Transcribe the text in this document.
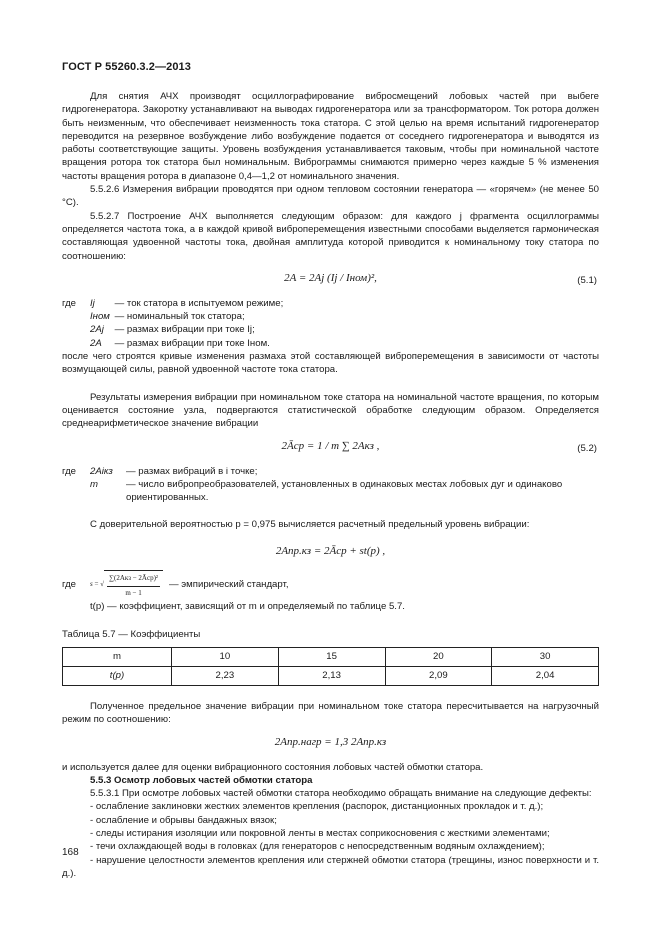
ГОСТ Р 55260.3.2—2013

Для снятия АЧХ производят осциллографирование вибросмещений лобовых частей при выбеге гидрогенератора. Закоротку устанавливают на выводах гидрогенератора или за трансформатором. Ток ротора должен быть неизменным, что обеспечивает неизменность тока статора. С этой целью на время испытаний гидрогенератор переводится на резервное возбуждение либо возбуждение подается от соседнего гидрогенератора и выводятся из работы соответствующие защиты. Уровень возбуждения устанавливается таковым, чтобы при номинальной частоте вращения ротора ток статора был номинальным. Виброграммы снимаются примерно через каждые 5 % изменения частоты вращения ротора в диапазоне 0,4—1,2 от номинального значения.

5.5.2.6 Измерения вибрации проводятся при одном тепловом состоянии генератора — «горячем» (не менее 50 °C).

5.5.2.7 Построение АЧХ выполняется следующим образом: для каждого j фрагмента осциллограммы определяется частота тока, а в каждой кривой виброперемещения известными способами выделяется гармоническая составляющая удвоенной частоты тока, двойная амплитуда которой приводится к номинальному току статора по соотношению:

2A = 2Aj (Ij / Iном)²,	(5.1)
где	Ij — ток статора в испытуемом режиме;
Iном — номинальный ток статора;
2Aj — размах вибрации при токе Ij;
2A — размах вибрации при токе Iном.

после чего строятся кривые изменения размаха этой составляющей виброперемещения в зависимости от частоты возмущающей силы, равной удвоенной частоте тока статора.

Результаты измерения вибрации при номинальном токе статора на номинальной частоте вращения, по которым оценивается состояние узла, подвергаются статистической обработке следующим образом. Определяется среднеарифметическое значение вибрации

2Āср = 1 / m ∑ 2Aкз ,	(5.2)
где	2Aiкз	— размах вибраций в i точке;
m	— число вибропреобразователей, установленных в одинаковых местах лобовых дуг и одинаково ориентированных.

С доверительной вероятностью p = 0,975 вычисляется расчетный предельный уровень вибрации:

2Aпр.кз = 2Āср + st(p) ,
где	s = √ $\frac{\text{∑(2Aкз − 2Āср)²}}{m - 1}$ — эмпирический стандарт,
t(p) — коэффициент, зависящий от m и определяемый по таблице 5.7.
Таблица 5.7 — Коэффициенты
m	10	15	20	30
t(p)	2,23	2,13	2,09	2,04

Полученное предельное значение вибрации при номинальном токе статора пересчитывается на нагрузочный режим по соотношению:

2Aпр.нагр = 1,3 2Aпр.кз

и используется далее для оценки вибрационного состояния лобовых частей обмотки статора.

5.5.3 Осмотр лобовых частей обмотки статора

5.5.3.1 При осмотре лобовых частей обмотки статора необходимо обращать внимание на следующие дефекты:

- ослабление заклиновки жестких элементов крепления (распорок, дистанционных прокладок и т. д.);

- ослабление и обрывы бандажных вязок;

- следы истирания изоляции или покровной ленты в местах соприкосновения с жесткими элементами;

- течи охлаждающей воды в головках (для генераторов с непосредственным водяным охлаждением);

- нарушение целостности элементов крепления или стержней обмотки статора (трещины, износ поверхности и т. д.).

168
